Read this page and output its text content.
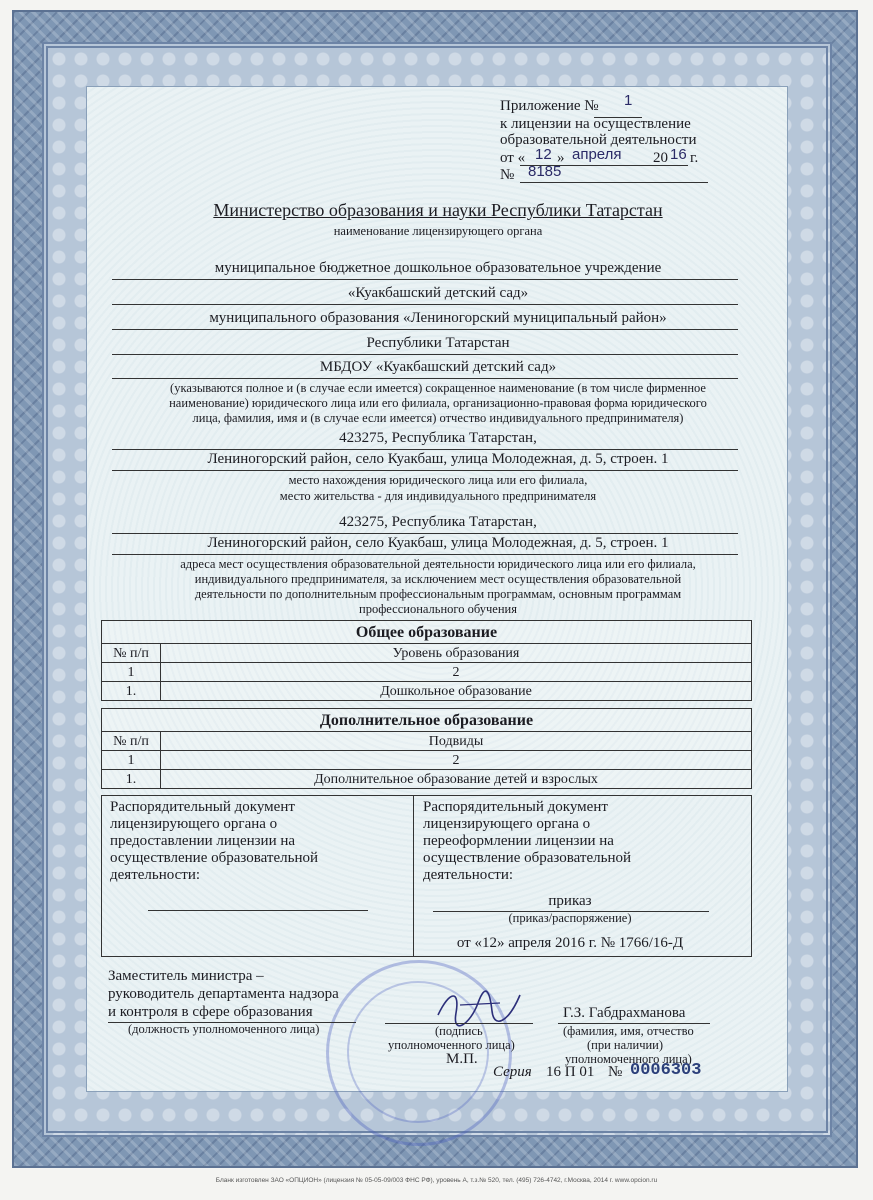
Приложение № 1
к лицензии на осуществление
образовательной деятельности
от « 12 » апреля 20 16 г.
№ 8185
Министерство образования и науки Республики Татарстан
наименование лицензирующего органа
муниципальное бюджетное дошкольное образовательное учреждение
«Куакбашский детский сад»
муниципального образования «Лениногорский муниципальный район»
Республики Татарстан
МБДОУ «Куакбашский детский сад»
(указываются полное и (в случае если имеется) сокращенное наименование (в том числе фирменное
наименование) юридического лица или его филиала, организационно-правовая форма юридического
лица, фамилия, имя и (в случае если имеется) отчество индивидуального предпринимателя)
423275, Республика Татарстан,
Лениногорский район, село Куакбаш, улица Молодежная, д. 5, строен. 1
место нахождения юридического лица или его филиала,
место жительства - для индивидуального предпринимателя
423275, Республика Татарстан,
Лениногорский район, село Куакбаш, улица Молодежная, д. 5, строен. 1
адреса мест осуществления образовательной деятельности юридического лица или его филиала,
индивидуального предпринимателя, за исключением мест осуществления образовательной
деятельности по дополнительным профессиональным программам, основным программам
профессионального обучения
Общее образование	
№ п/п	Уровень образования
1	2
1.	Дошкольное образование
Дополнительное образование	
№ п/п	Подвиды
1	2
1.	Дополнительное образование детей и взрослых
Распорядительный документ
лицензирующего органа о
предоставлении лицензии на
осуществление образовательной
деятельности:
Распорядительный документ
лицензирующего органа о
переоформлении лицензии на
осуществление образовательной
деятельности:
приказ
(приказ/распоряжение)
от «12» апреля 2016 г. № 1766/16-Д
Заместитель министра –
руководитель департамента надзора
и контроля в сфере образования
(должность уполномоченного лица)	(подпись
уполномоченного лица)
М.П.
Г.З. Габдрахманова
(фамилия, имя, отчество
(при наличии)
уполномоченного лица)
Серия 16 П 01 № 0006303
Бланк изготовлен ЗАО «ОПЦИОН» (лицензия № 05-05-09/003 ФНС РФ), уровень А, т.з.№ 520, тел. (495) 726-4742, г.Москва, 2014 г. www.opcion.ru
